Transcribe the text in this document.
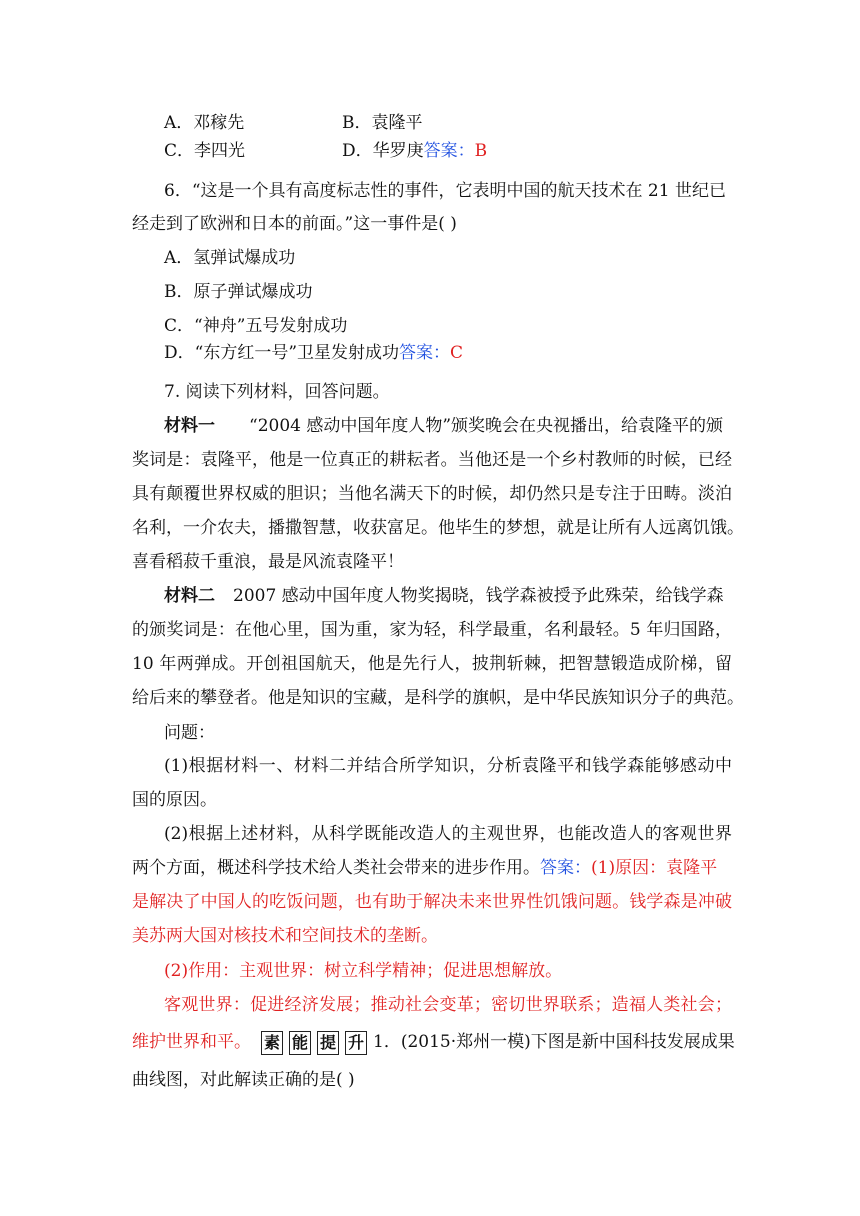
A．邓稼先	B．袁隆平
C．李四光	D．华罗庚答案：B
6．“这是一个具有高度标志性的事件，它表明中国的航天技术在 21 世纪已
经走到了欧洲和日本的前面。”这一事件是( )
A．氢弹试爆成功
B．原子弹试爆成功
C．“神舟”五号发射成功
D．“东方红一号”卫星发射成功答案：C
7. 阅读下列材料，回答问题。
材料一 “2004 感动中国年度人物”颁奖晚会在央视播出，给袁隆平的颁
奖词是：袁隆平，他是一位真正的耕耘者。当他还是一个乡村教师的时候，已经
具有颠覆世界权威的胆识；当他名满天下的时候，却仍然只是专注于田畴。淡泊
名利，一介农夫，播撒智慧，收获富足。他毕生的梦想，就是让所有人远离饥饿。
喜看稻菽千重浪，最是风流袁隆平！
材料二 2007 感动中国年度人物奖揭晓，钱学森被授予此殊荣，给钱学森
的颁奖词是：在他心里，国为重，家为轻，科学最重，名利最轻。5 年归国路，
10 年两弹成。开创祖国航天，他是先行人，披荆斩棘，把智慧锻造成阶梯，留
给后来的攀登者。他是知识的宝藏，是科学的旗帜，是中华民族知识分子的典范。
问题：
(1)根据材料一、材料二并结合所学知识，分析袁隆平和钱学森能够感动中
国的原因。
(2)根据上述材料，从科学既能改造人的主观世界，也能改造人的客观世界
两个方面，概述科学技术给人类社会带来的进步作用。答案：(1)原因：袁隆平
是解决了中国人的吃饭问题，也有助于解决未来世界性饥饿问题。钱学森是冲破
美苏两大国对核技术和空间技术的垄断。
(2)作用：主观世界：树立科学精神；促进思想解放。
客观世界：促进经济发展；推动社会变革；密切世界联系；造福人类社会；
维护世界和平。 素 能 提 升 1．(2015·郑州一模)下图是新中国科技发展成果
曲线图，对此解读正确的是( )
